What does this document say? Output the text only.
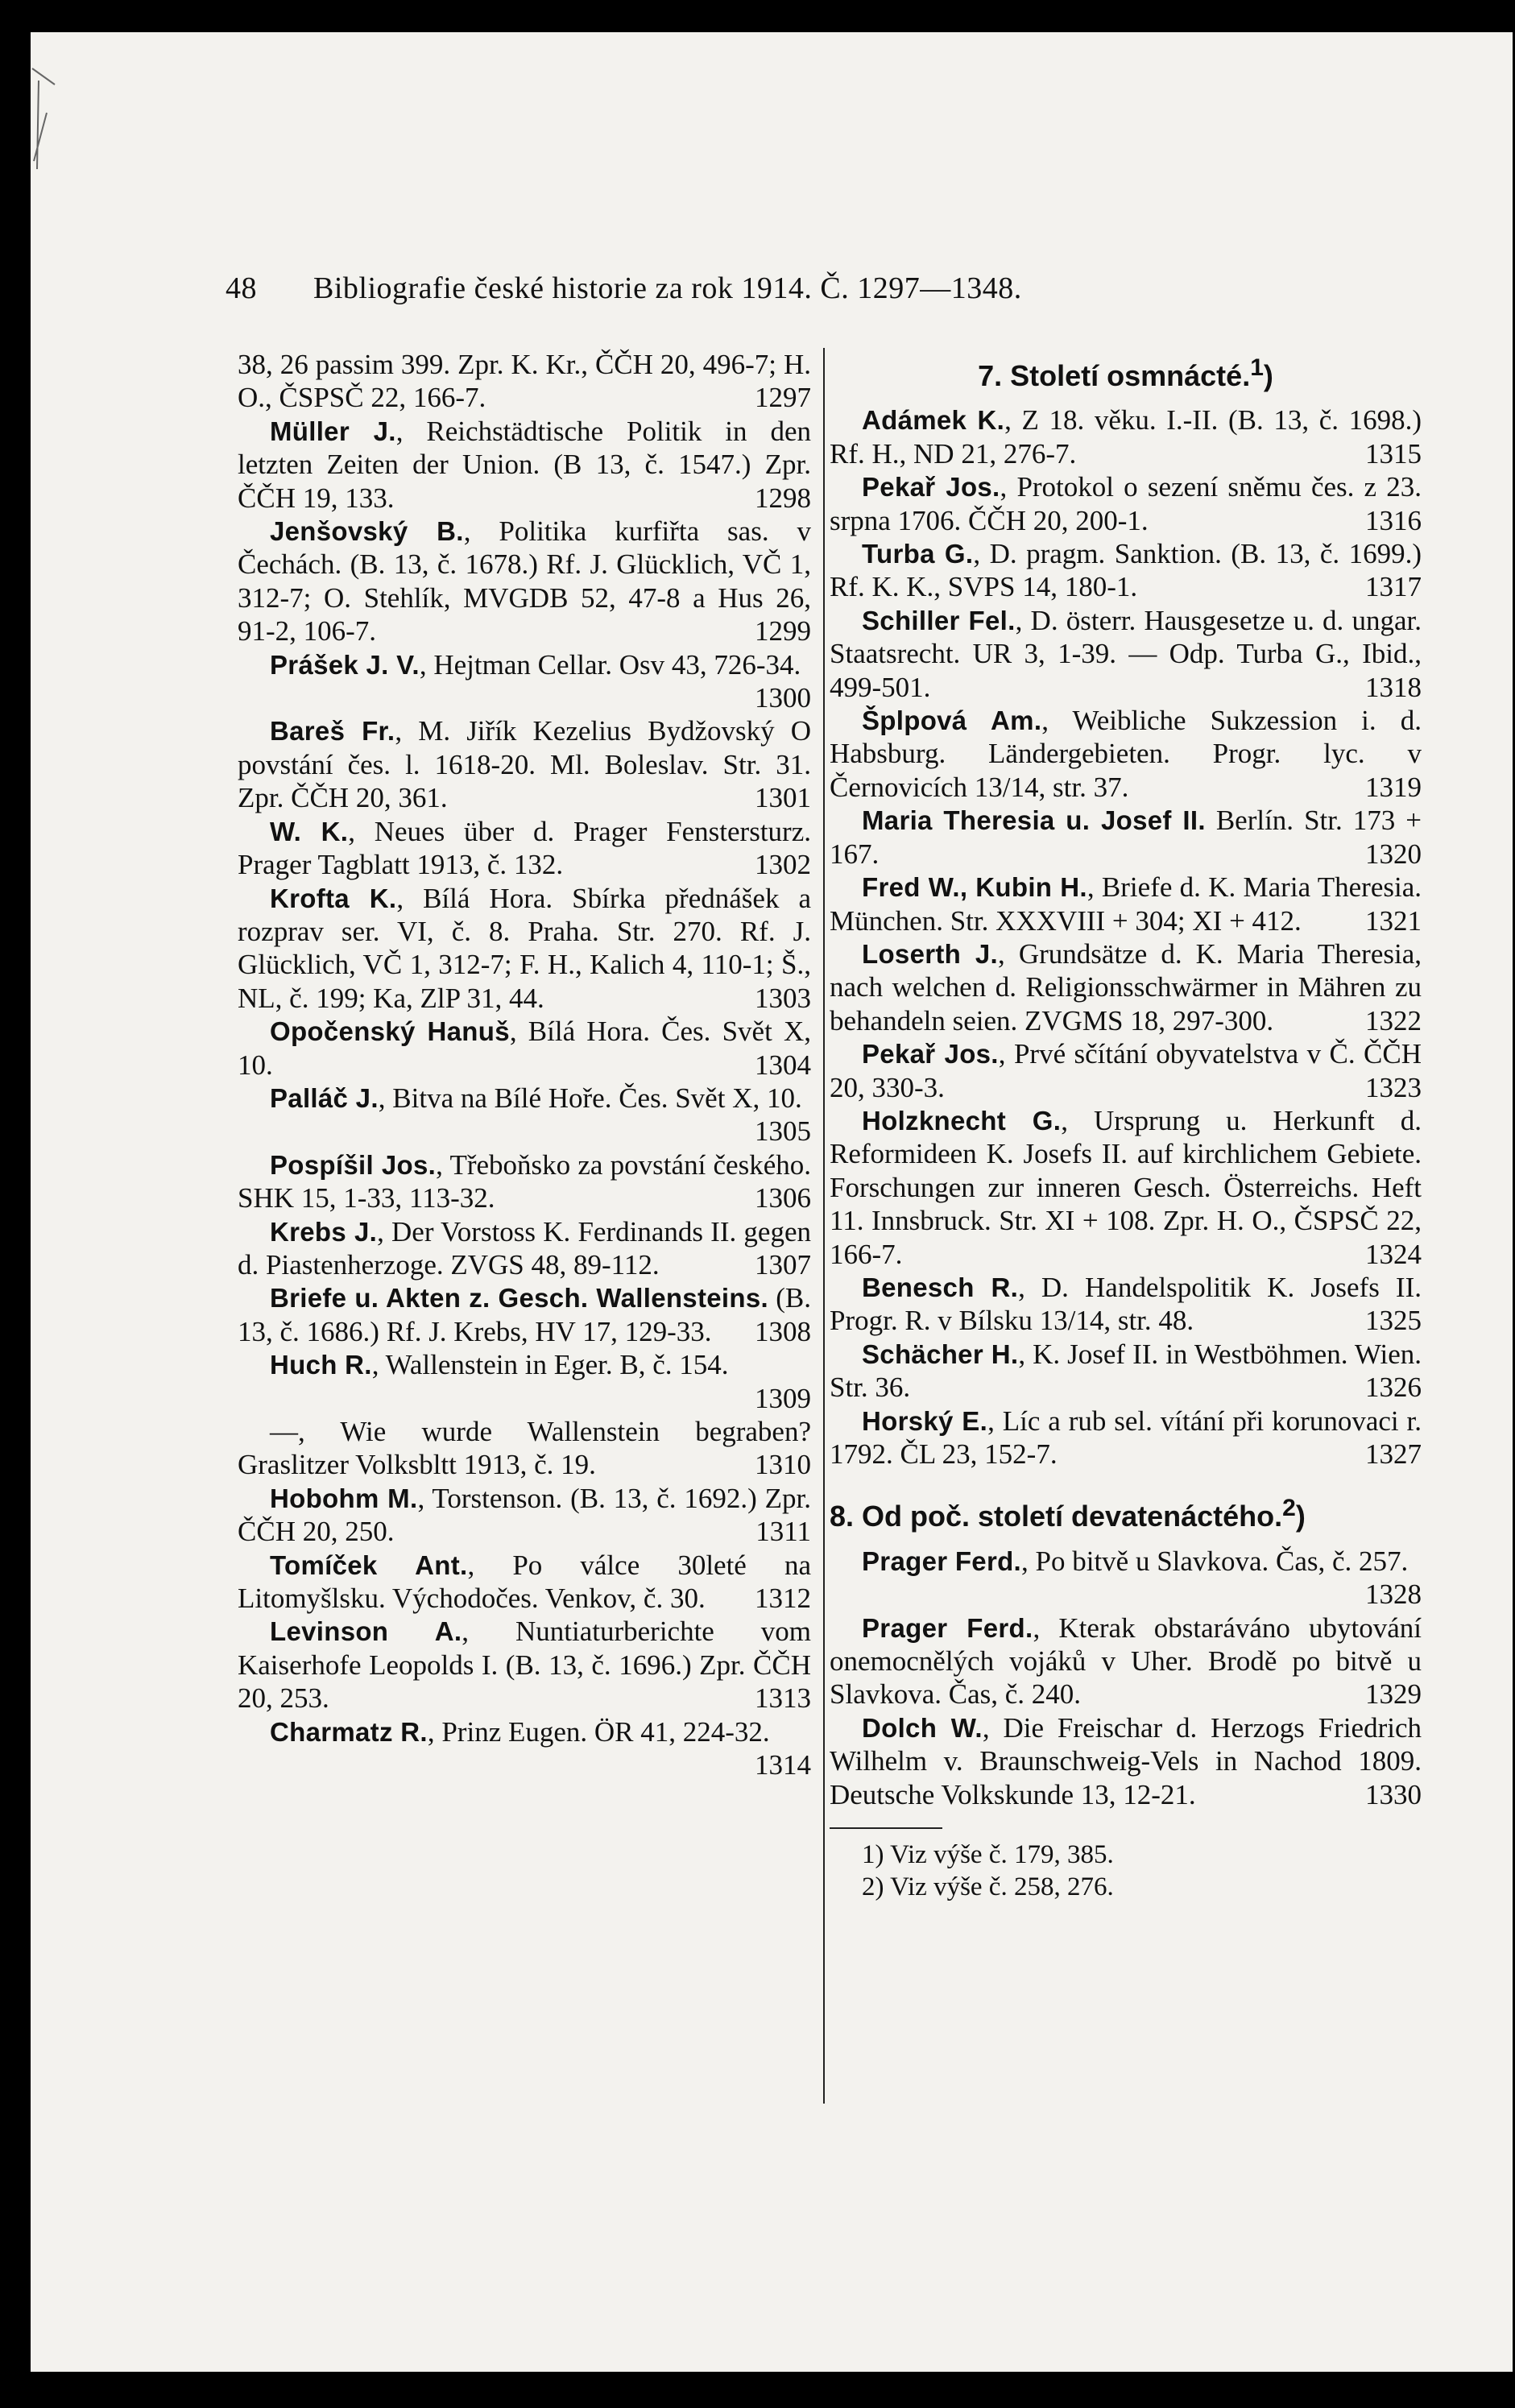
48 Bibliografie české historie za rok 1914. Č. 1297—1348.

38, 26 passim 399. Zpr. K. Kr., ČČH 20, 496-7; H. O., ČSPSČ 22, 166-7.	1297

Müller J., Reichstädtische Politik in den letzten Zeiten der Union. (B 13, č. 1547.) Zpr. ČČH 19, 133.	1298

Jenšovský B., Politika kurfiřta sas. v Čechách. (B. 13, č. 1678.) Rf. J. Glücklich, VČ 1, 312-7; O. Stehlík, MVGDB 52, 47-8 a Hus 26, 91-2, 106-7.	1299

Prášek J. V., Hejtman Cellar. Osv 43, 726-34.
1300

Bareš Fr., M. Jiřík Kezelius Bydžovský O povstání čes. l. 1618-20. Ml. Boleslav. Str. 31. Zpr. ČČH 20, 361.	1301

W. K., Neues über d. Prager Fenstersturz. Prager Tagblatt 1913, č. 132.	1302

Krofta K., Bílá Hora. Sbírka přednášek a rozprav ser. VI, č. 8. Praha. Str. 270. Rf. J. Glücklich, VČ 1, 312-7; F. H., Kalich 4, 110-1; Š., NL, č. 199; Ka, ZlP 31, 44.	1303

Opočenský Hanuš, Bílá Hora. Čes. Svět X, 10.	1304

Palláč J., Bitva na Bílé Hoře. Čes. Svět X, 10.
1305

Pospíšil Jos., Třeboňsko za povstání českého. SHK 15, 1-33, 113-32.	1306

Krebs J., Der Vorstoss K. Ferdinands II. gegen d. Piastenherzoge. ZVGS 48, 89-112.	1307

Briefe u. Akten z. Gesch. Wallensteins. (B. 13, č. 1686.) Rf. J. Krebs, HV 17, 129-33.	1308

Huch R., Wallenstein in Eger. B, č. 154.
1309

—, Wie wurde Wallenstein begraben? Graslitzer Volksbltt 1913, č. 19.	1310

Hobohm M., Torstenson. (B. 13, č. 1692.) Zpr. ČČH 20, 250.	1311

Tomíček Ant., Po válce 30leté na Litomyšlsku. Východočes. Venkov, č. 30.	1312

Levinson A., Nuntiaturberichte vom Kaiserhofe Leopolds I. (B. 13, č. 1696.) Zpr. ČČH 20, 253.	1313

Charmatz R., Prinz Eugen. ÖR 41, 224-32.
1314

7. Století osmnácté.$^1$)

Adámek K., Z 18. věku. I.-II. (B. 13, č. 1698.) Rf. H., ND 21, 276-7.	1315

Pekař Jos., Protokol o sezení sněmu čes. z 23. srpna 1706. ČČH 20, 200-1.	1316

Turba G., D. pragm. Sanktion. (B. 13, č. 1699.) Rf. K. K., SVPS 14, 180-1.	1317

Schiller Fel., D. österr. Hausgesetze u. d. ungar. Staatsrecht. UR 3, 1-39. — Odp. Turba G., Ibid., 499-501.	1318

Šplpová Am., Weibliche Sukzession i. d. Habsburg. Ländergebieten. Progr. lyc. v Černovicích 13/14, str. 37.	1319

Maria Theresia u. Josef II. Berlín. Str. 173 + 167.	1320

Fred W., Kubin H., Briefe d. K. Maria Theresia. München. Str. XXXVIII + 304; XI + 412.	1321

Loserth J., Grundsätze d. K. Maria Theresia, nach welchen d. Religionsschwärmer in Mähren zu behandeln seien. ZVGMS 18, 297-300.	1322

Pekař Jos., Prvé sčítání obyvatelstva v Č. ČČH 20, 330-3.	1323

Holzknecht G., Ursprung u. Herkunft d. Reformideen K. Josefs II. auf kirchlichem Gebiete. Forschungen zur inneren Gesch. Österreichs. Heft 11. Innsbruck. Str. XI + 108. Zpr. H. O., ČSPSČ 22, 166-7.	1324

Benesch R., D. Handelspolitik K. Josefs II. Progr. R. v Bílsku 13/14, str. 48.	1325

Schächer H., K. Josef II. in Westböhmen. Wien. Str. 36.	1326

Horský E., Líc a rub sel. vítání při korunovaci r. 1792. ČL 23, 152-7.	1327

8. Od poč. století devatenáctého.$^2$)

Prager Ferd., Po bitvě u Slavkova. Čas, č. 257.
1328

Prager Ferd., Kterak obstaráváno ubytování onemocnělých vojáků v Uher. Brodě po bitvě u Slavkova. Čas, č. 240.	1329

Dolch W., Die Freischar d. Herzogs Friedrich Wilhelm v. Braunschweig-Vels in Nachod 1809. Deutsche Volkskunde 13, 12-21.	1330

1) Viz výše č. 179, 385.
2) Viz výše č. 258, 276.
